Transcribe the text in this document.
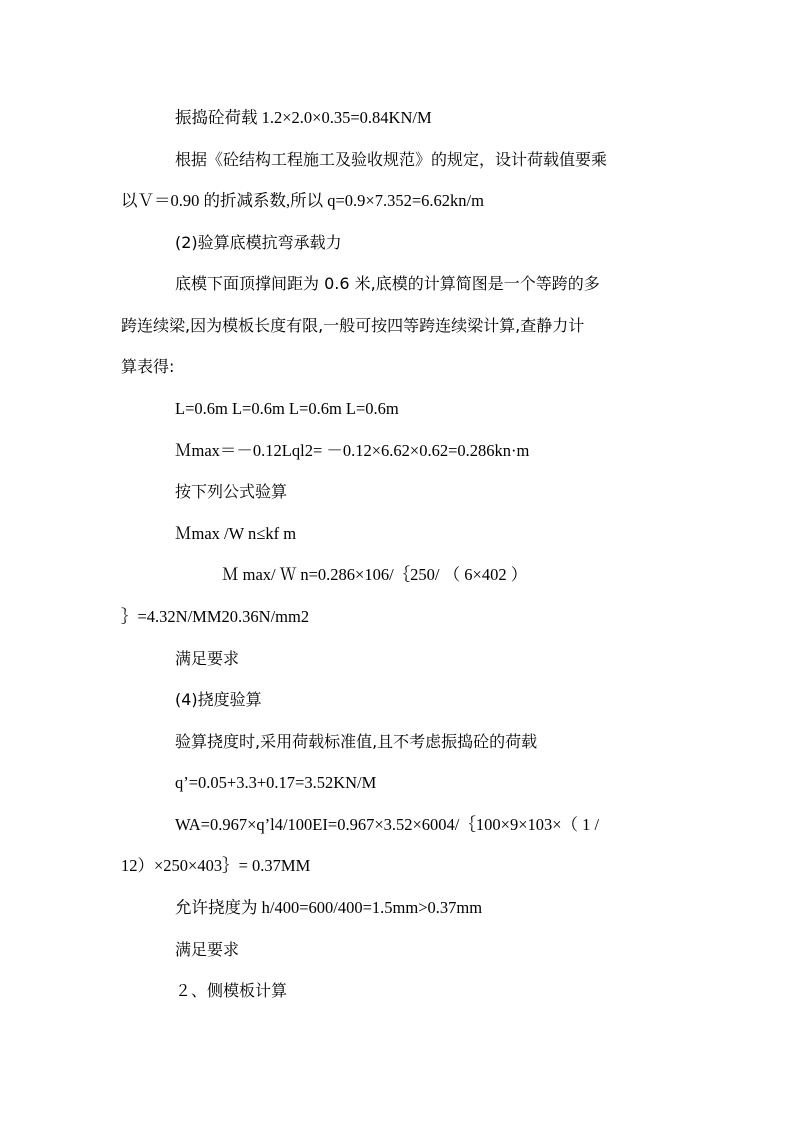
振捣砼荷载 1.2×2.0×0.35=0.84KN/M
根据《砼结构工程施工及验收规范》的规定，设计荷载值要乘
以Ｖ＝0.90 的折减系数,所以 q=0.9×7.352=6.62kn/m
(2)验算底模抗弯承载力
底模下面顶撑间距为 0.6 米,底模的计算简图是一个等跨的多
跨连续梁,因为模板长度有限,一般可按四等跨连续梁计算,查静力计
算表得:
L=0.6m L=0.6m L=0.6m L=0.6m
Ｍmax＝－0.12Lql2= －0.12×6.62×0.62=0.286kn·m
按下列公式验算
Ｍmax /W n≤kf m
Ｍ max/ Ｗ n=0.286×106/｛250/ （ 6×402 ）
｝=4.32N/MM20.36N/mm2
满足要求
(4)挠度验算
验算挠度时,采用荷载标准值,且不考虑振捣砼的荷载
q’=0.05+3.3+0.17=3.52KN/M
WA=0.967×q’l4/100EI=0.967×3.52×6004/｛100×9×103×（ 1 /
12）×250×403｝= 0.37MM
允许挠度为 h/400=600/400=1.5mm>0.37mm
满足要求
２、侧模板计算
